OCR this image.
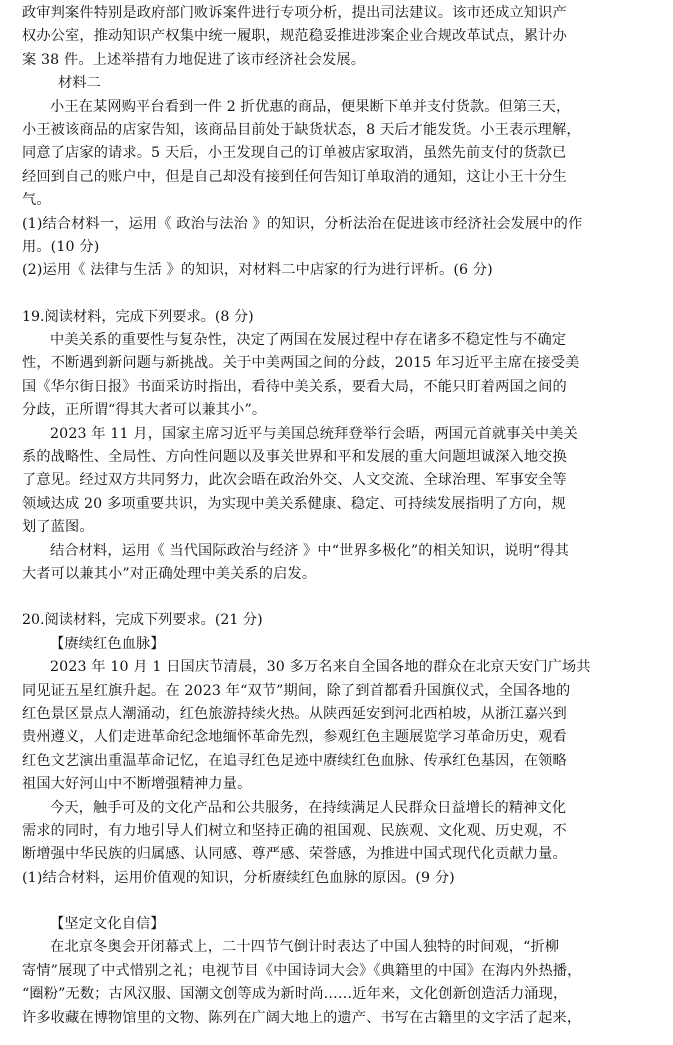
政审判案件特别是政府部门败诉案件进行专项分析，提出司法建议。该市还成立知识产
权办公室，推动知识产权集中统一履职，规范稳妥推进涉案企业合规改革试点，累计办
案 38 件。上述举措有力地促进了该市经济社会发展。
材料二
小王在某网购平台看到一件 2 折优惠的商品，便果断下单并支付货款。但第三天，
小王被该商品的店家告知，该商品目前处于缺货状态，8 天后才能发货。小王表示理解，
同意了店家的请求。5 天后，小王发现自己的订单被店家取消，虽然先前支付的货款已
经回到自己的账户中，但是自己却没有接到任何告知订单取消的通知，这让小王十分生
气。
(1)结合材料一，运用《 政治与法治 》的知识，分析法治在促进该市经济社会发展中的作
用。(10 分)
(2)运用《 法律与生活 》的知识，对材料二中店家的行为进行评析。(6 分)
19.阅读材料，完成下列要求。(8 分)
中美关系的重要性与复杂性，决定了两国在发展过程中存在诸多不稳定性与不确定
性，不断遇到新问题与新挑战。关于中美两国之间的分歧，2015 年习近平主席在接受美
国《华尔街日报》书面采访时指出，看待中美关系，要看大局，不能只盯着两国之间的
分歧，正所谓“得其大者可以兼其小”。
2023 年 11 月，国家主席习近平与美国总统拜登举行会晤，两国元首就事关中美关
系的战略性、全局性、方向性问题以及事关世界和平和发展的重大问题坦诚深入地交换
了意见。经过双方共同努力，此次会晤在政治外交、人文交流、全球治理、军事安全等
领域达成 20 多项重要共识，为实现中美关系健康、稳定、可持续发展指明了方向，规
划了蓝图。
结合材料，运用《 当代国际政治与经济 》中“世界多极化”的相关知识，说明“得其
大者可以兼其小”对正确处理中美关系的启发。
20.阅读材料，完成下列要求。(21 分)
【赓续红色血脉】
2023 年 10 月 1 日国庆节清晨，30 多万名来自全国各地的群众在北京天安门广场共
同见证五星红旗升起。在 2023 年“双节”期间，除了到首都看升国旗仪式，全国各地的
红色景区景点人潮涌动，红色旅游持续火热。从陕西延安到河北西柏坡，从浙江嘉兴到
贵州遵义，人们走进革命纪念地缅怀革命先烈，参观红色主题展览学习革命历史，观看
红色文艺演出重温革命记忆，在追寻红色足迹中赓续红色血脉、传承红色基因，在领略
祖国大好河山中不断增强精神力量。
今天，触手可及的文化产品和公共服务，在持续满足人民群众日益增长的精神文化
需求的同时，有力地引导人们树立和坚持正确的祖国观、民族观、文化观、历史观，不
断增强中华民族的归属感、认同感、尊严感、荣誉感，为推进中国式现代化贡献力量。
(1)结合材料，运用价值观的知识，分析赓续红色血脉的原因。(9 分)
【坚定文化自信】
在北京冬奥会开闭幕式上，二十四节气倒计时表达了中国人独特的时间观，“折柳
寄情”展现了中式惜别之礼；电视节目《中国诗词大会》《典籍里的中国》在海内外热播，
“圈粉”无数；古风汉服、国潮文创等成为新时尚……近年来，文化创新创造活力涌现，
许多收藏在博物馆里的文物、陈列在广阔大地上的遗产、书写在古籍里的文字活了起来，
